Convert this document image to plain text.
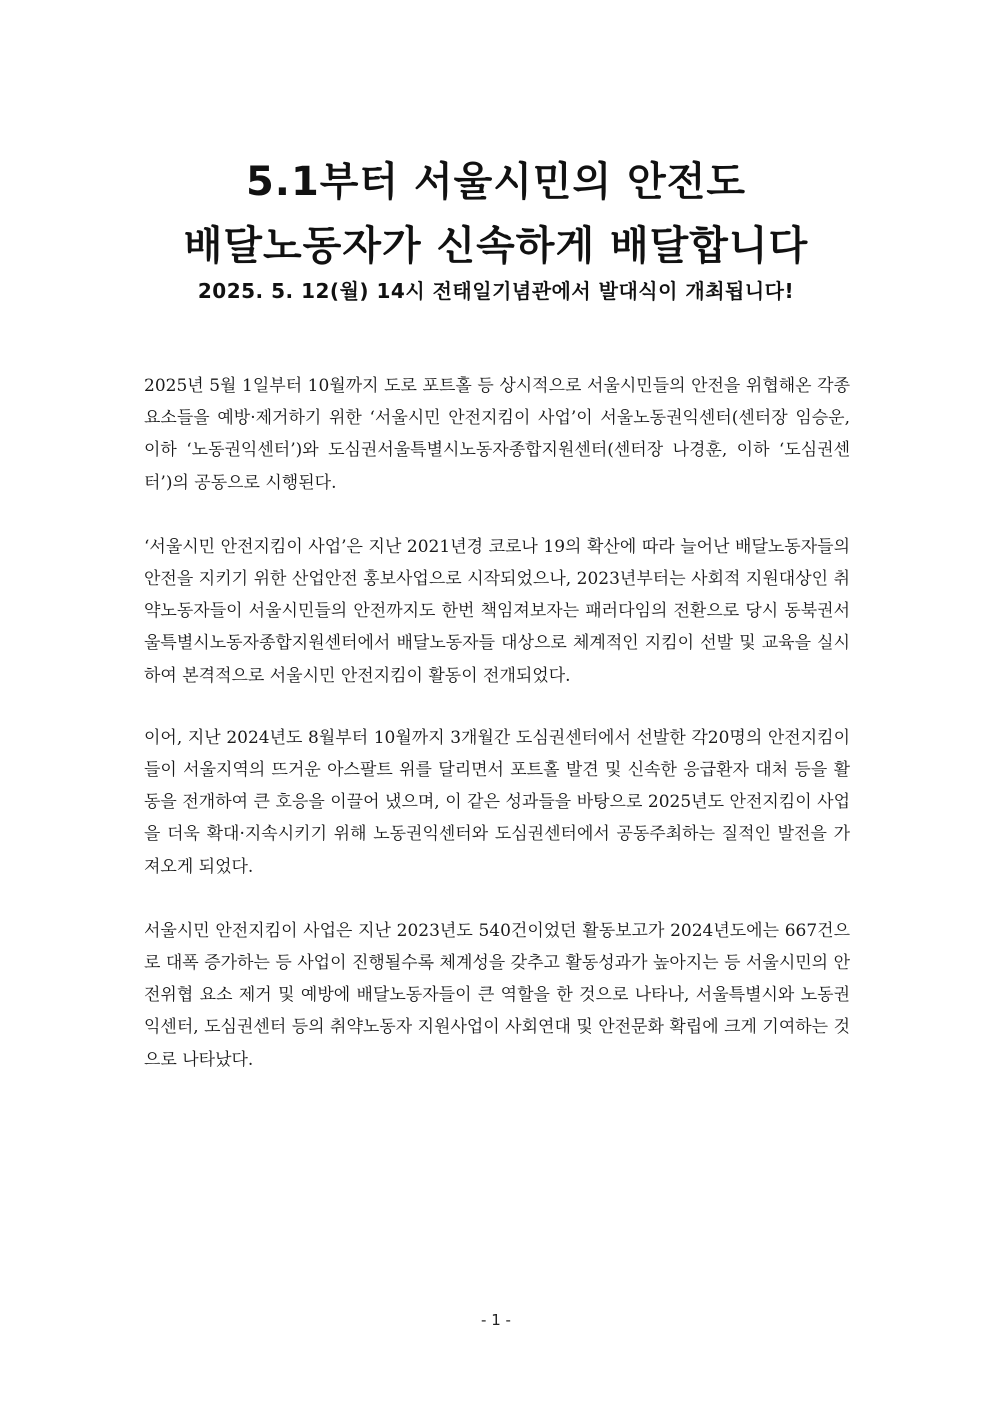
5.1부터 서울시민의 안전도

배달노동자가 신속하게 배달합니다

2025. 5. 12(월) 14시 전태일기념관에서 발대식이 개최됩니다!

2025년 5월 1일부터 10월까지 도로 포트홀 등 상시적으로 서울시민들의 안전을 위협해온 각종 요소들을 예방·제거하기 위한 ‘서울시민 안전지킴이 사업’이 서울노동권익센터(센터장 임승운, 이하 ‘노동권익센터’)와 도심권서울특별시노동자종합지원센터(센터장 나경훈, 이하 ‘도심권센터’)의 공동으로 시행된다.

‘서울시민 안전지킴이 사업’은 지난 2021년경 코로나 19의 확산에 따라 늘어난 배달노동자들의 안전을 지키기 위한 산업안전 홍보사업으로 시작되었으나, 2023년부터는 사회적 지원대상인 취약노동자들이 서울시민들의 안전까지도 한번 책임져보자는 패러다임의 전환으로 당시 동북권서울특별시노동자종합지원센터에서 배달노동자들 대상으로 체계적인 지킴이 선발 및 교육을 실시하여 본격적으로 서울시민 안전지킴이 활동이 전개되었다.

이어, 지난 2024년도 8월부터 10월까지 3개월간 도심권센터에서 선발한 각20명의 안전지킴이들이 서울지역의 뜨거운 아스팔트 위를 달리면서 포트홀 발견 및 신속한 응급환자 대처 등을 활동을 전개하여 큰 호응을 이끌어 냈으며, 이 같은 성과들을 바탕으로 2025년도 안전지킴이 사업을 더욱 확대·지속시키기 위해 노동권익센터와 도심권센터에서 공동주최하는 질적인 발전을 가져오게 되었다.

서울시민 안전지킴이 사업은 지난 2023년도 540건이었던 활동보고가 2024년도에는 667건으로 대폭 증가하는 등 사업이 진행될수록 체계성을 갖추고 활동성과가 높아지는 등 서울시민의 안전위협 요소 제거 및 예방에 배달노동자들이 큰 역할을 한 것으로 나타나, 서울특별시와 노동권익센터, 도심권센터 등의 취약노동자 지원사업이 사회연대 및 안전문화 확립에 크게 기여하는 것으로 나타났다.

- 1 -
